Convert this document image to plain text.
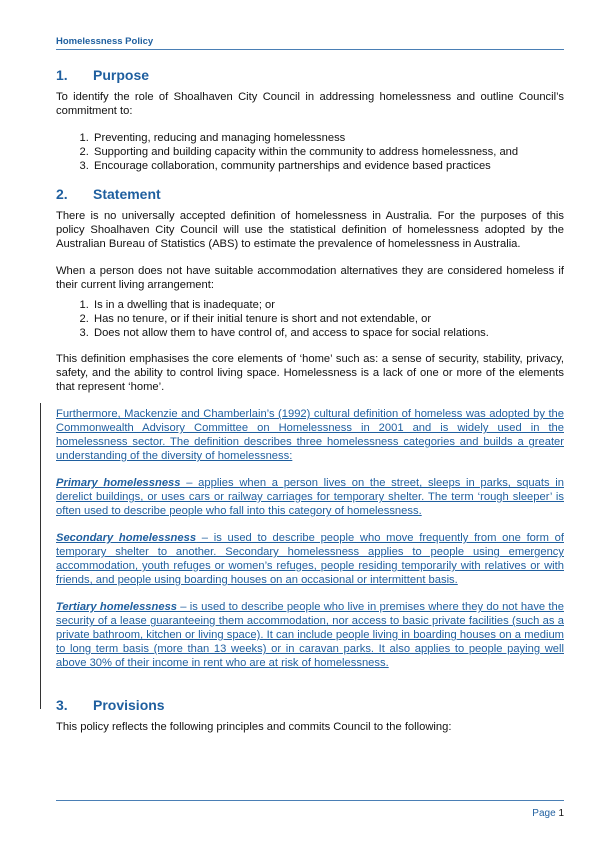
Homelessness Policy
1. Purpose

To identify the role of Shoalhaven City Council in addressing homelessness and outline Council’s commitment to:

1. Preventing, reducing and managing homelessness
2. Supporting and building capacity within the community to address homelessness, and
3. Encourage collaboration, community partnerships and evidence based practices
2. Statement

There is no universally accepted definition of homelessness in Australia. For the purposes of this policy Shoalhaven City Council will use the statistical definition of homelessness adopted by the Australian Bureau of Statistics (ABS) to estimate the prevalence of homelessness in Australia.

When a person does not have suitable accommodation alternatives they are considered homeless if their current living arrangement:

1. Is in a dwelling that is inadequate; or
2. Has no tenure, or if their initial tenure is short and not extendable, or
3. Does not allow them to have control of, and access to space for social relations.

This definition emphasises the core elements of ‘home’ such as: a sense of security, stability, privacy, safety, and the ability to control living space. Homelessness is a lack of one or more of the elements that represent ‘home’.

Furthermore, Mackenzie and Chamberlain’s (1992) cultural definition of homeless was adopted by the Commonwealth Advisory Committee on Homelessness in 2001 and is widely used in the homelessness sector. The definition describes three homelessness categories and builds a greater understanding of the diversity of homelessness:

Primary homelessness – applies when a person lives on the street, sleeps in parks, squats in derelict buildings, or uses cars or railway carriages for temporary shelter. The term ‘rough sleeper’ is often used to describe people who fall into this category of homelessness.

Secondary homelessness – is used to describe people who move frequently from one form of temporary shelter to another. Secondary homelessness applies to people using emergency accommodation, youth refuges or women’s refuges, people residing temporarily with relatives or with friends, and people using boarding houses on an occasional or intermittent basis.

Tertiary homelessness – is used to describe people who live in premises where they do not have the security of a lease guaranteeing them accommodation, nor access to basic private facilities (such as a private bathroom, kitchen or living space). It can include people living in boarding houses on a medium to long term basis (more than 13 weeks) or in caravan parks. It also applies to people paying well above 30% of their income in rent who are at risk of homelessness.

3. Provisions

This policy reflects the following principles and commits Council to the following:

Page 1
